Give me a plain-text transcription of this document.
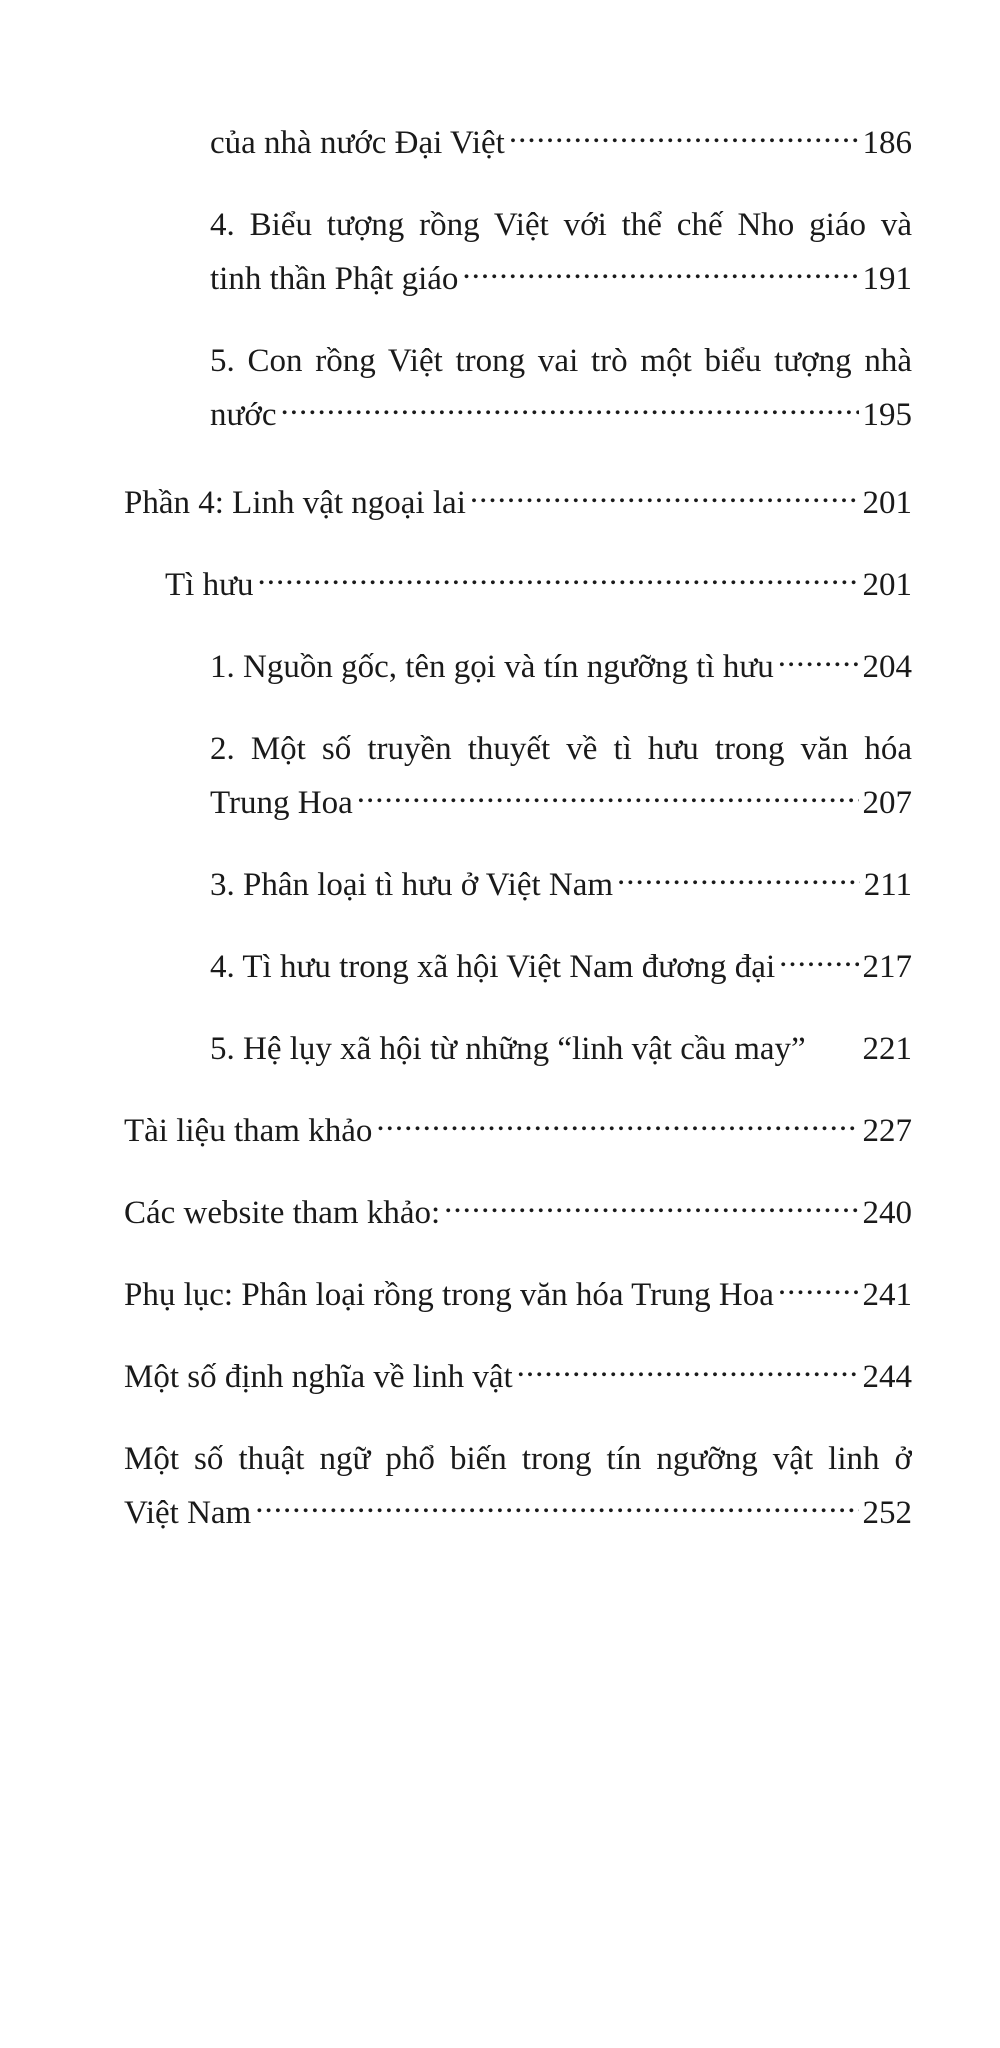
của nhà nước Đại Việt .....	186
4. Biểu tượng rồng Việt với thể chế Nho giáo và
tinh thần Phật giáo .....	191
5. Con rồng Việt trong vai trò một biểu tượng nhà
nước .....	195
Phần 4: Linh vật ngoại lai .....	201
Tì hưu .....	201
1. Nguồn gốc, tên gọi và tín ngưỡng tì hưu .....	204
2. Một số truyền thuyết về tì hưu trong văn hóa
Trung Hoa .....	207
3. Phân loại tì hưu ở Việt Nam .....	211
4. Tì hưu trong xã hội Việt Nam đương đại .....	217
5. Hệ lụy xã hội từ những “linh vật cầu may” 221
Tài liệu tham khảo .....	227
Các website tham khảo: .....	240
Phụ lục: Phân loại rồng trong văn hóa Trung Hoa .....	241
Một số định nghĩa về linh vật .....	244
Một số thuật ngữ phổ biến trong tín ngưỡng vật linh ở
Việt Nam .....	252
